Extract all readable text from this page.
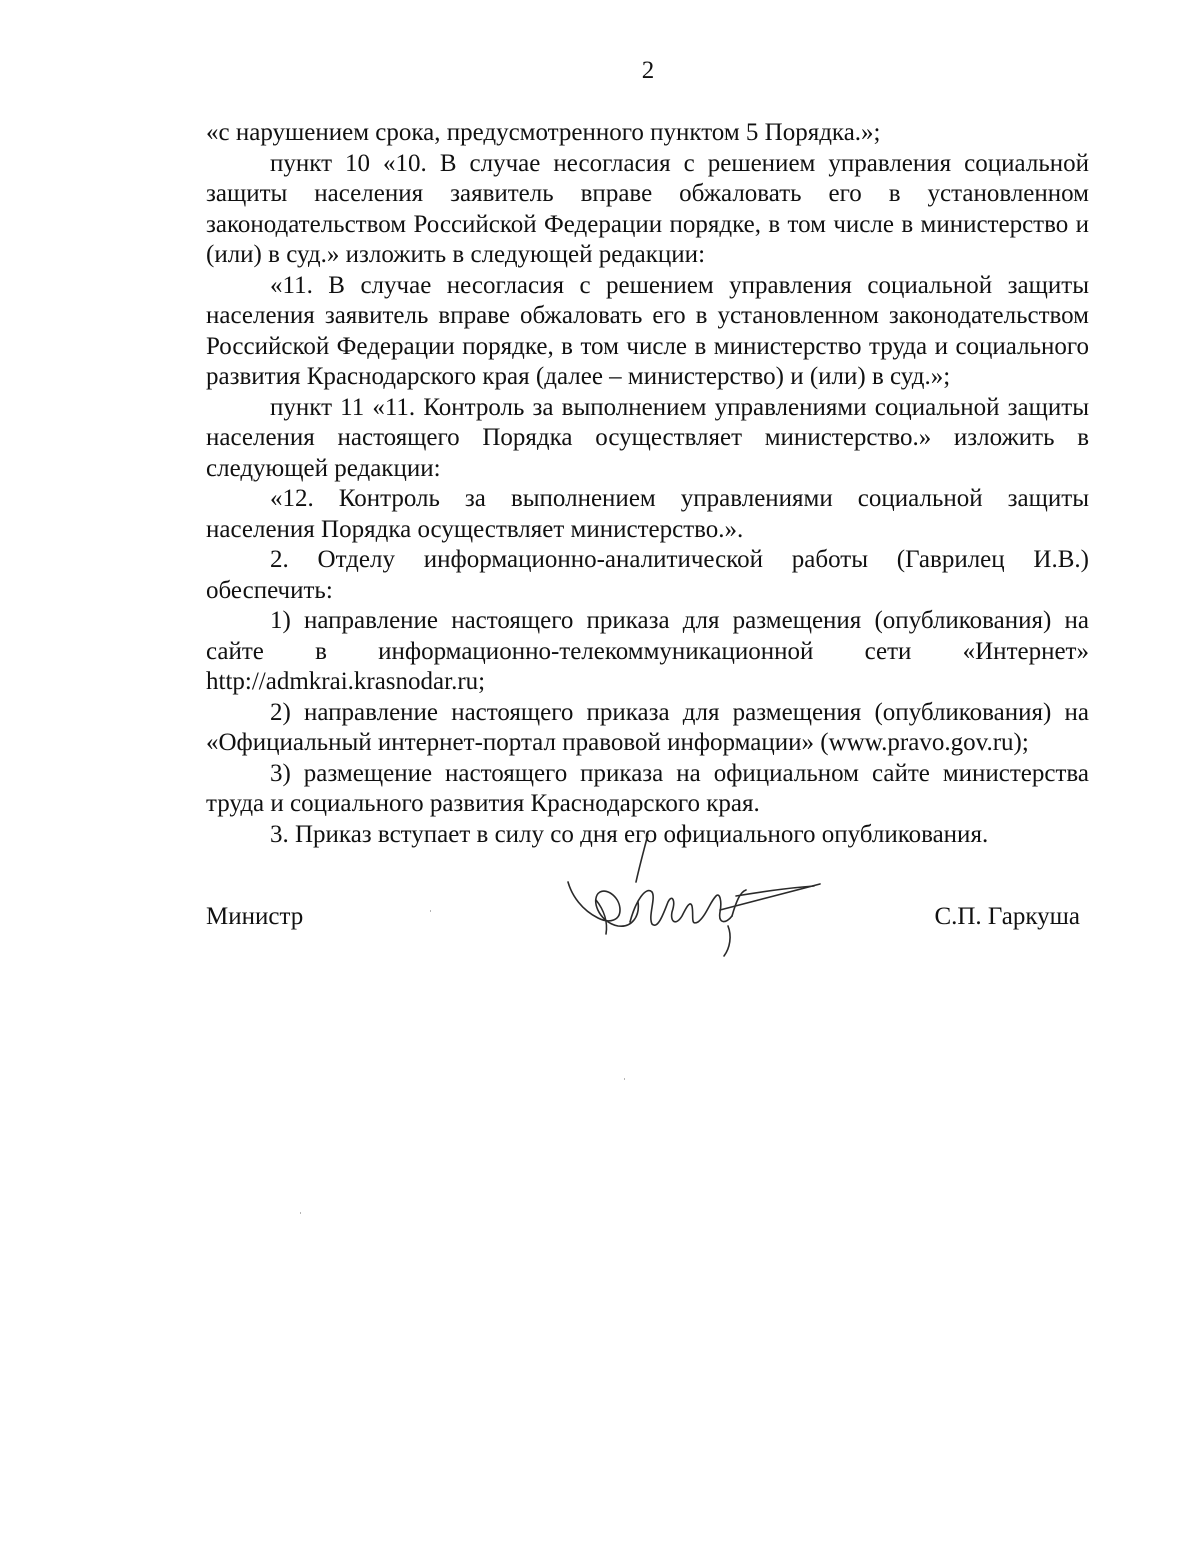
2

«с нарушением срока, предусмотренного пунктом 5 Порядка.»;

пункт 10 «10. В случае несогласия с решением управления социальной защиты населения заявитель вправе обжаловать его в установленном законодательством Российской Федерации порядке, в том числе в министерство и (или) в суд.» изложить в следующей редакции:

«11. В случае несогласия с решением управления социальной защиты населения заявитель вправе обжаловать его в установленном законодательством Российской Федерации порядке, в том числе в министерство труда и социального развития Краснодарского края (далее – министерство) и (или) в суд.»;

пункт 11 «11. Контроль за выполнением управлениями социальной защиты населения настоящего Порядка осуществляет министерство.» изложить в следующей редакции:

«12. Контроль за выполнением управлениями социальной защиты населения Порядка осуществляет министерство.».

2. Отделу информационно-аналитической работы (Гаврилец И.В.) обеспечить:

1) направление настоящего приказа для размещения (опубликования) на сайте в информационно-телекоммуникационной сети «Интернет» http://admkrai.krasnodar.ru;

2) направление настоящего приказа для размещения (опубликования) на «Официальный интернет-портал правовой информации» (www.pravo.gov.ru);

3) размещение настоящего приказа на официальном сайте министерства труда и социального развития Краснодарского края.

3. Приказ вступает в силу со дня его официального опубликования.

Министр	С.П. Гаркуша
